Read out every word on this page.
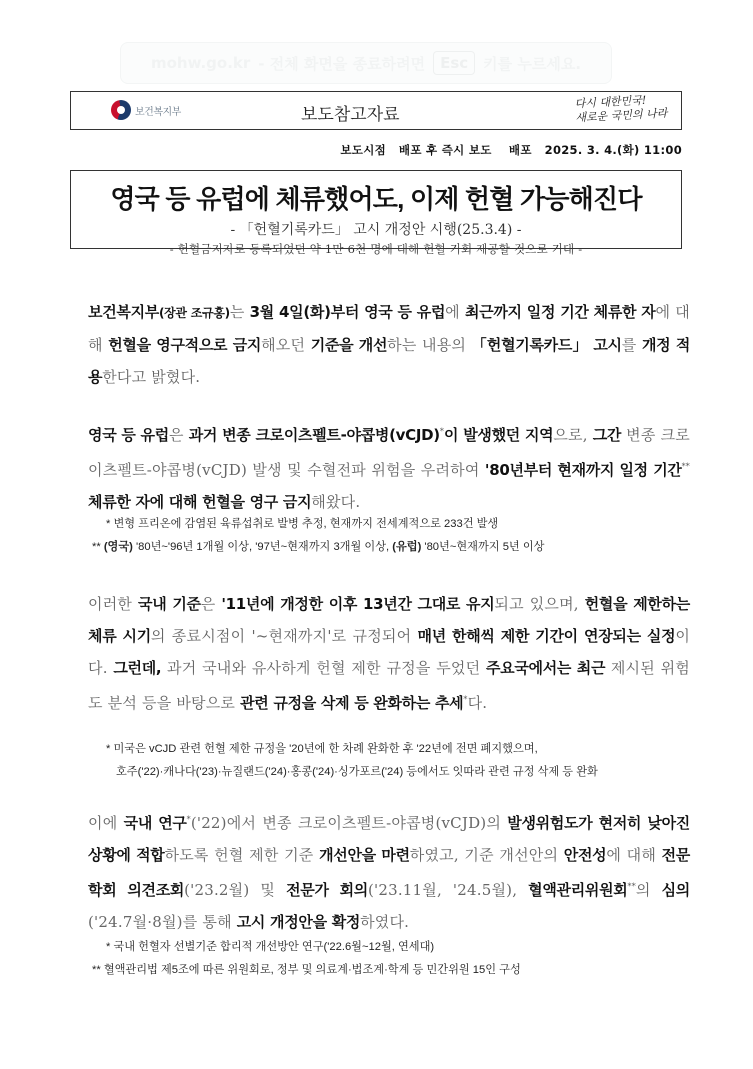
mohw.go.kr - 전체 화면을 종료하려면	Esc	키를 누르세요.
보건복지부	보도참고자료
다시 대한민국!
새로운 국민의 나라
보도시점   배포 후 즉시 보도    배포   2025. 3. 4.(화) 11:00
영국 등 유럽에 체류했어도, 이제 헌혈 가능해진다
- 「헌혈기록카드」 고시 개정안 시행(25.3.4) -
- 헌혈금지자로 등록되었던 약 1만 6천 명에 대해 헌혈 기회 제공할 것으로 기대 -
보건복지부(장관 조규홍)는 3월 4일(화)부터 영국 등 유럽에 최근까지 일정 기간 체류한 자에 대해 헌혈을 영구적으로 금지해오던 기준을 개선하는 내용의 「헌혈기록카드」 고시를 개정 적용한다고 밝혔다.
영국 등 유럽은 과거 변종 크로이츠펠트-야콥병(vCJD)*이 발생했던 지역으로, 그간 변종 크로이츠펠트-야콥병(vCJD) 발생 및 수혈전파 위험을 우려하여 '80년부터 현재까지 일정 기간** 체류한 자에 대해 헌혈을 영구 금지해왔다.
* 변형 프리온에 감염된 육류섭취로 발병 추정, 현재까지 전세계적으로 233건 발생
** (영국) '80년~'96년 1개월 이상, '97년~현재까지 3개월 이상, (유럽) '80년~현재까지 5년 이상
이러한 국내 기준은 '11년에 개정한 이후 13년간 그대로 유지되고 있으며, 헌혈을 제한하는 체류 시기의 종료시점이 '~현재까지'로 규정되어 매년 한해씩 제한 기간이 연장되는 실정이다. 그런데, 과거 국내와 유사하게 헌혈 제한 규정을 두었던 주요국에서는 최근 제시된 위험도 분석 등을 바탕으로 관련 규정을 삭제 등 완화하는 추세*다.
* 미국은 vCJD 관련 헌혈 제한 규정을 '20년에 한 차례 완화한 후 '22년에 전면 폐지했으며,
호주('22)·캐나다('23)·뉴질랜드('24)·홍콩('24)·싱가포르('24) 등에서도 잇따라 관련 규정 삭제 등 완화
이에 국내 연구*('22)에서 변종 크로이츠펠트-야콥병(vCJD)의 발생위험도가 현저히 낮아진 상황에 적합하도록 헌혈 제한 기준 개선안을 마련하였고, 기준 개선안의 안전성에 대해 전문학회 의견조회('23.2월) 및 전문가 회의('23.11월, '24.5월), 혈액관리위원회**의 심의('24.7월·8월)를 통해 고시 개정안을 확정하였다.
* 국내 헌혈자 선별기준 합리적 개선방안 연구('22.6월~12월, 연세대)
** 혈액관리법 제5조에 따른 위원회로, 정부 및 의료계·법조계·학계 등 민간위원 15인 구성
